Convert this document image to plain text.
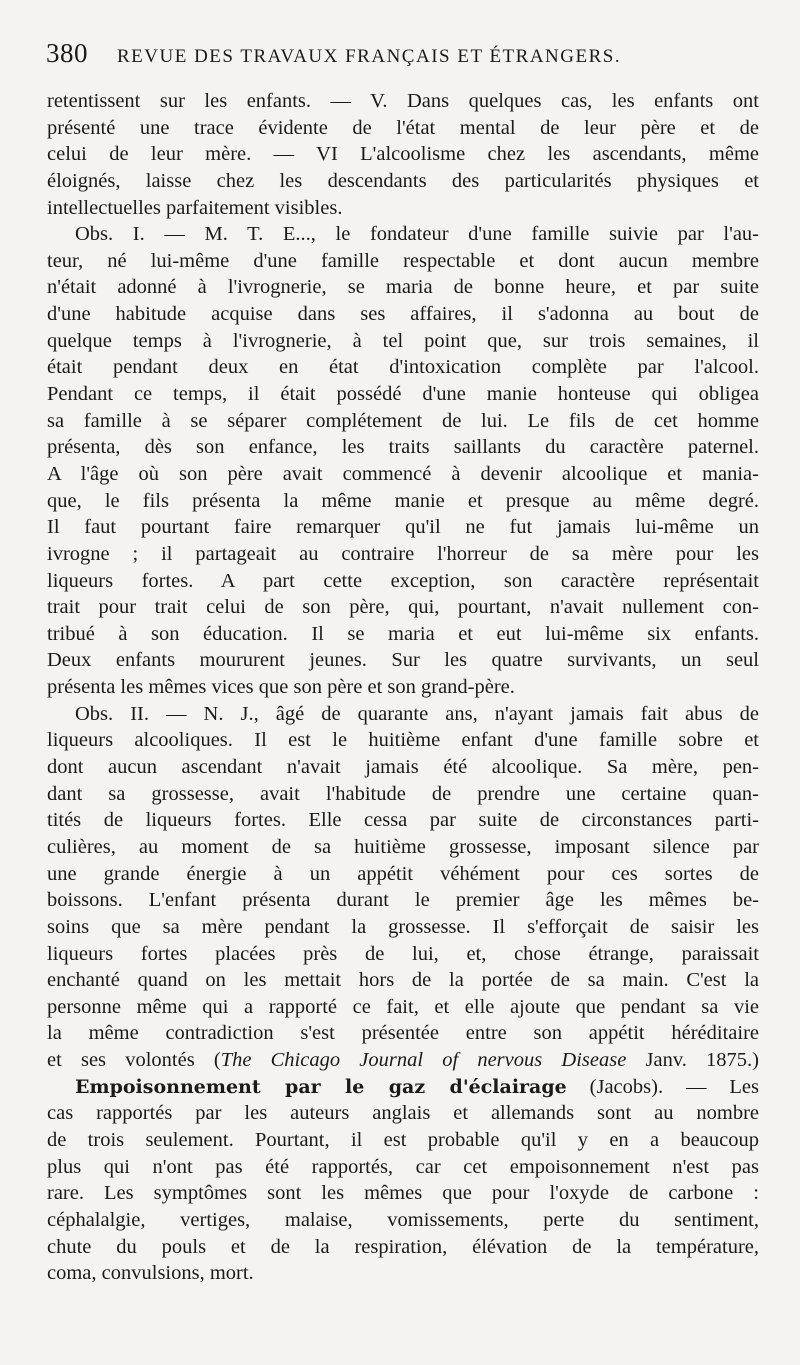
380 REVUE DES TRAVAUX FRANÇAIS ET ÉTRANGERS.
retentissent sur les enfants. — V. Dans quelques cas, les enfants ont
présenté une trace évidente de l'état mental de leur père et de
celui de leur mère. — VI L'alcoolisme chez les ascendants, même
éloignés, laisse chez les descendants des particularités physiques et
intellectuelles parfaitement visibles.
Obs. I. — M. T. E..., le fondateur d'une famille suivie par l'au-
teur, né lui-même d'une famille respectable et dont aucun membre
n'était adonné à l'ivrognerie, se maria de bonne heure, et par suite
d'une habitude acquise dans ses affaires, il s'adonna au bout de
quelque temps à l'ivrognerie, à tel point que, sur trois semaines, il
était pendant deux en état d'intoxication complète par l'alcool.
Pendant ce temps, il était possédé d'une manie honteuse qui obligea
sa famille à se séparer complétement de lui. Le fils de cet homme
présenta, dès son enfance, les traits saillants du caractère paternel.
A l'âge où son père avait commencé à devenir alcoolique et mania-
que, le fils présenta la même manie et presque au même degré.
Il faut pourtant faire remarquer qu'il ne fut jamais lui-même un
ivrogne ; il partageait au contraire l'horreur de sa mère pour les
liqueurs fortes. A part cette exception, son caractère représentait
trait pour trait celui de son père, qui, pourtant, n'avait nullement con-
tribué à son éducation. Il se maria et eut lui-même six enfants.
Deux enfants moururent jeunes. Sur les quatre survivants, un seul
présenta les mêmes vices que son père et son grand-père.
Obs. II. — N. J., âgé de quarante ans, n'ayant jamais fait abus de
liqueurs alcooliques. Il est le huitième enfant d'une famille sobre et
dont aucun ascendant n'avait jamais été alcoolique. Sa mère, pen-
dant sa grossesse, avait l'habitude de prendre une certaine quan-
tités de liqueurs fortes. Elle cessa par suite de circonstances parti-
culières, au moment de sa huitième grossesse, imposant silence par
une grande énergie à un appétit véhément pour ces sortes de
boissons. L'enfant présenta durant le premier âge les mêmes be-
soins que sa mère pendant la grossesse. Il s'efforçait de saisir les
liqueurs fortes placées près de lui, et, chose étrange, paraissait
enchanté quand on les mettait hors de la portée de sa main. C'est la
personne même qui a rapporté ce fait, et elle ajoute que pendant sa vie
la même contradiction s'est présentée entre son appétit héréditaire
et ses volontés (The Chicago Journal of nervous Disease Janv. 1875.)
Empoisonnement par le gaz d'éclairage (Jacobs). — Les
cas rapportés par les auteurs anglais et allemands sont au nombre
de trois seulement. Pourtant, il est probable qu'il y en a beaucoup
plus qui n'ont pas été rapportés, car cet empoisonnement n'est pas
rare. Les symptômes sont les mêmes que pour l'oxyde de carbone :
céphalalgie, vertiges, malaise, vomissements, perte du sentiment,
chute du pouls et de la respiration, élévation de la température,
coma, convulsions, mort.
